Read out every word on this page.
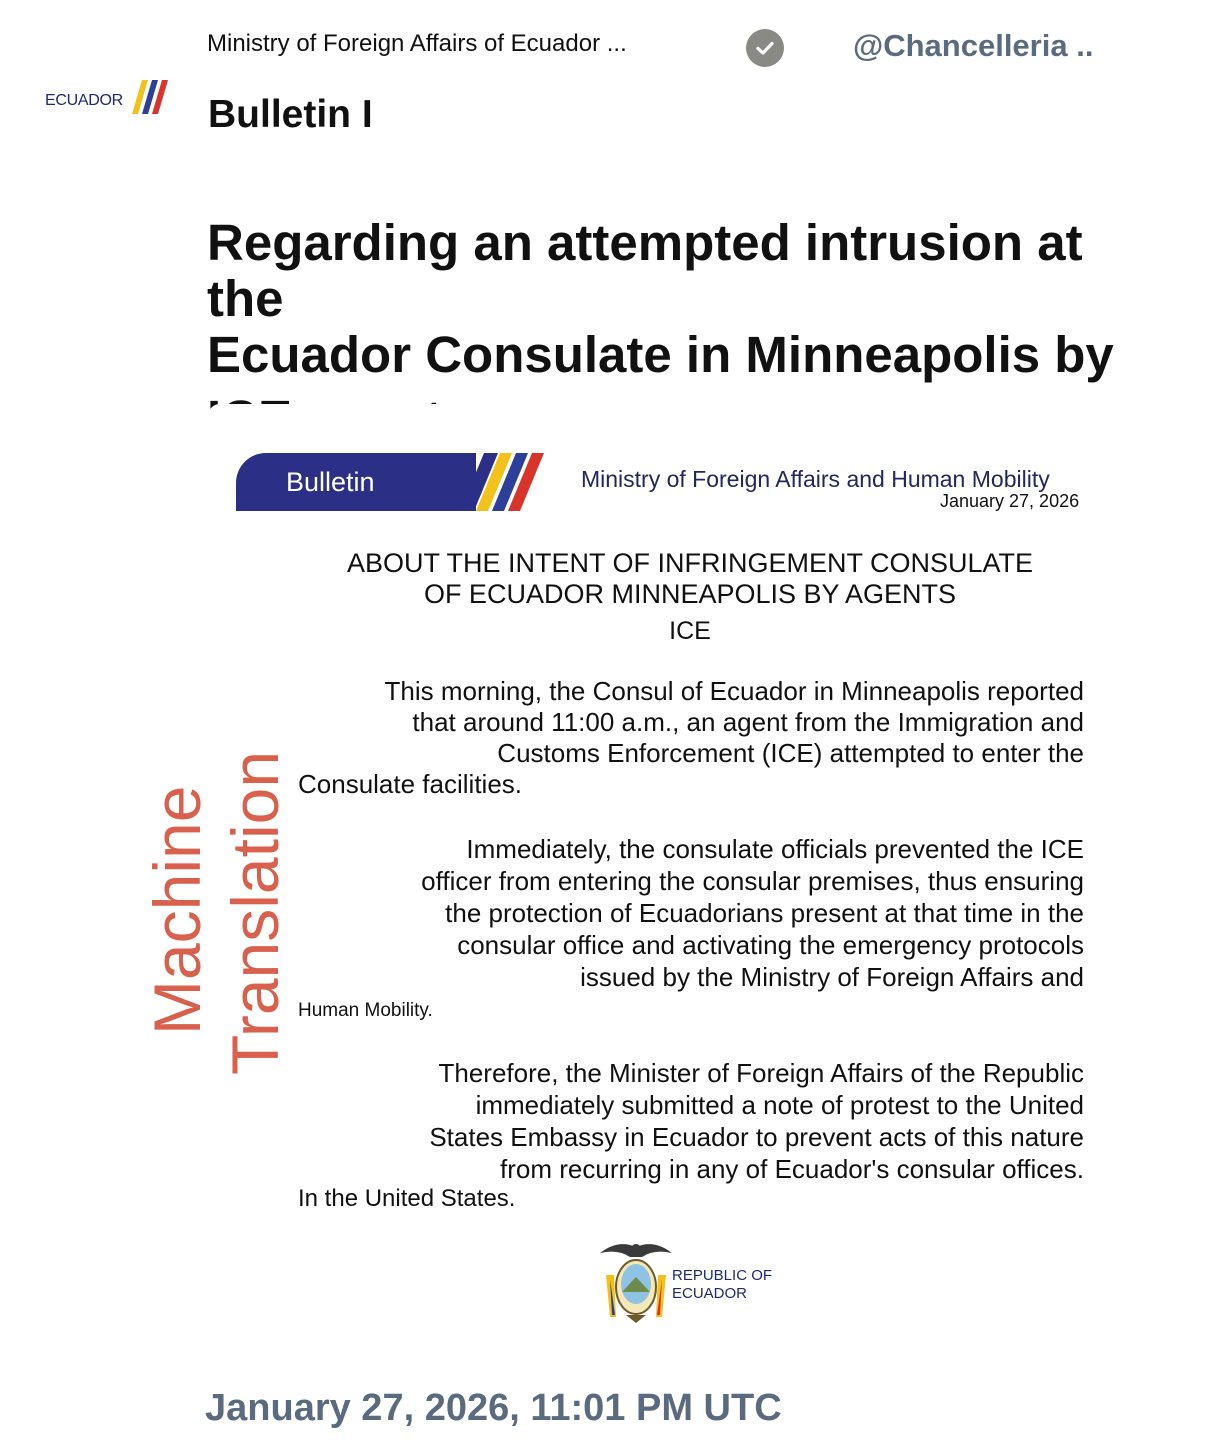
ECUADOR
Ministry of Foreign Affairs of Ecuador ...	@Chancelleria ..
Bulletin I
Regarding an attempted intrusion at the
Ecuador Consulate in Minneapolis by
Bulletin	Ministry of Foreign Affairs and Human Mobility
January 27, 2026
ABOUT THE INTENT OF INFRINGEMENT CONSULATE
OF ECUADOR MINNEAPOLIS BY AGENTS
ICE
This morning, the Consul of Ecuador in Minneapolis reported
that around 11:00 a.m., an agent from the Immigration and
Customs Enforcement (ICE) attempted to enter the
Consulate facilities.
Immediately, the consulate officials prevented the ICE
officer from entering the consular premises, thus ensuring
the protection of Ecuadorians present at that time in the
consular office and activating the emergency protocols
issued by the Ministry of Foreign Affairs and
Human Mobility.
Therefore, the Minister of Foreign Affairs of the Republic
immediately submitted a note of protest to the United
States Embassy in Ecuador to prevent acts of this nature
from recurring in any of Ecuador's consular offices.
In the United States.
Machine Translation
REPUBLIC OF
ECUADOR
January 27, 2026, 11:01 PM UTC
